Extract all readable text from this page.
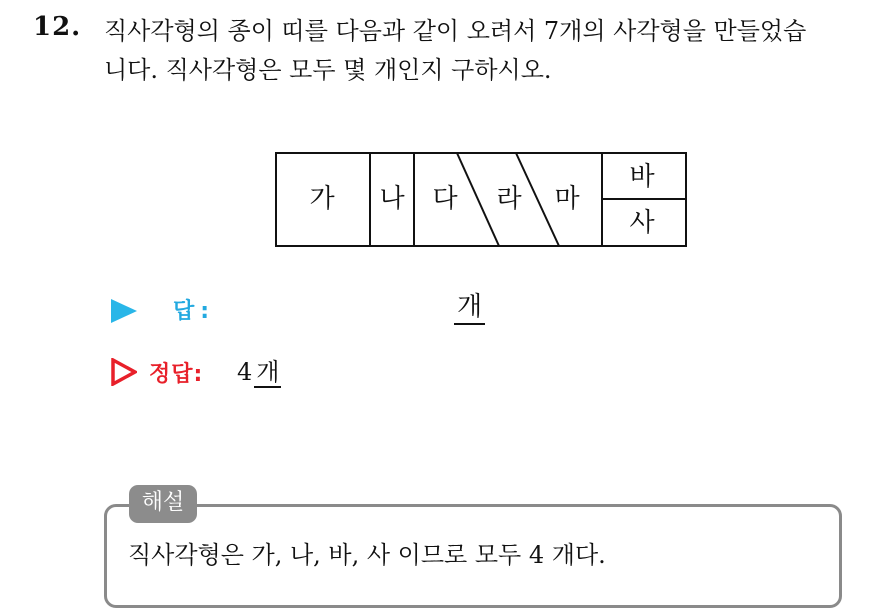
12. 직사각형의 종이 띠를 다음과 같이 오려서 7개의 사각형을 만들었습
니다. 직사각형은 모두 몇 개인지 구하시오.
가 나 다 라 마
바
사
답:	개
정답: 4 개
해설
직사각형은 가, 나, 바, 사 이므로 모두 4 개다.
